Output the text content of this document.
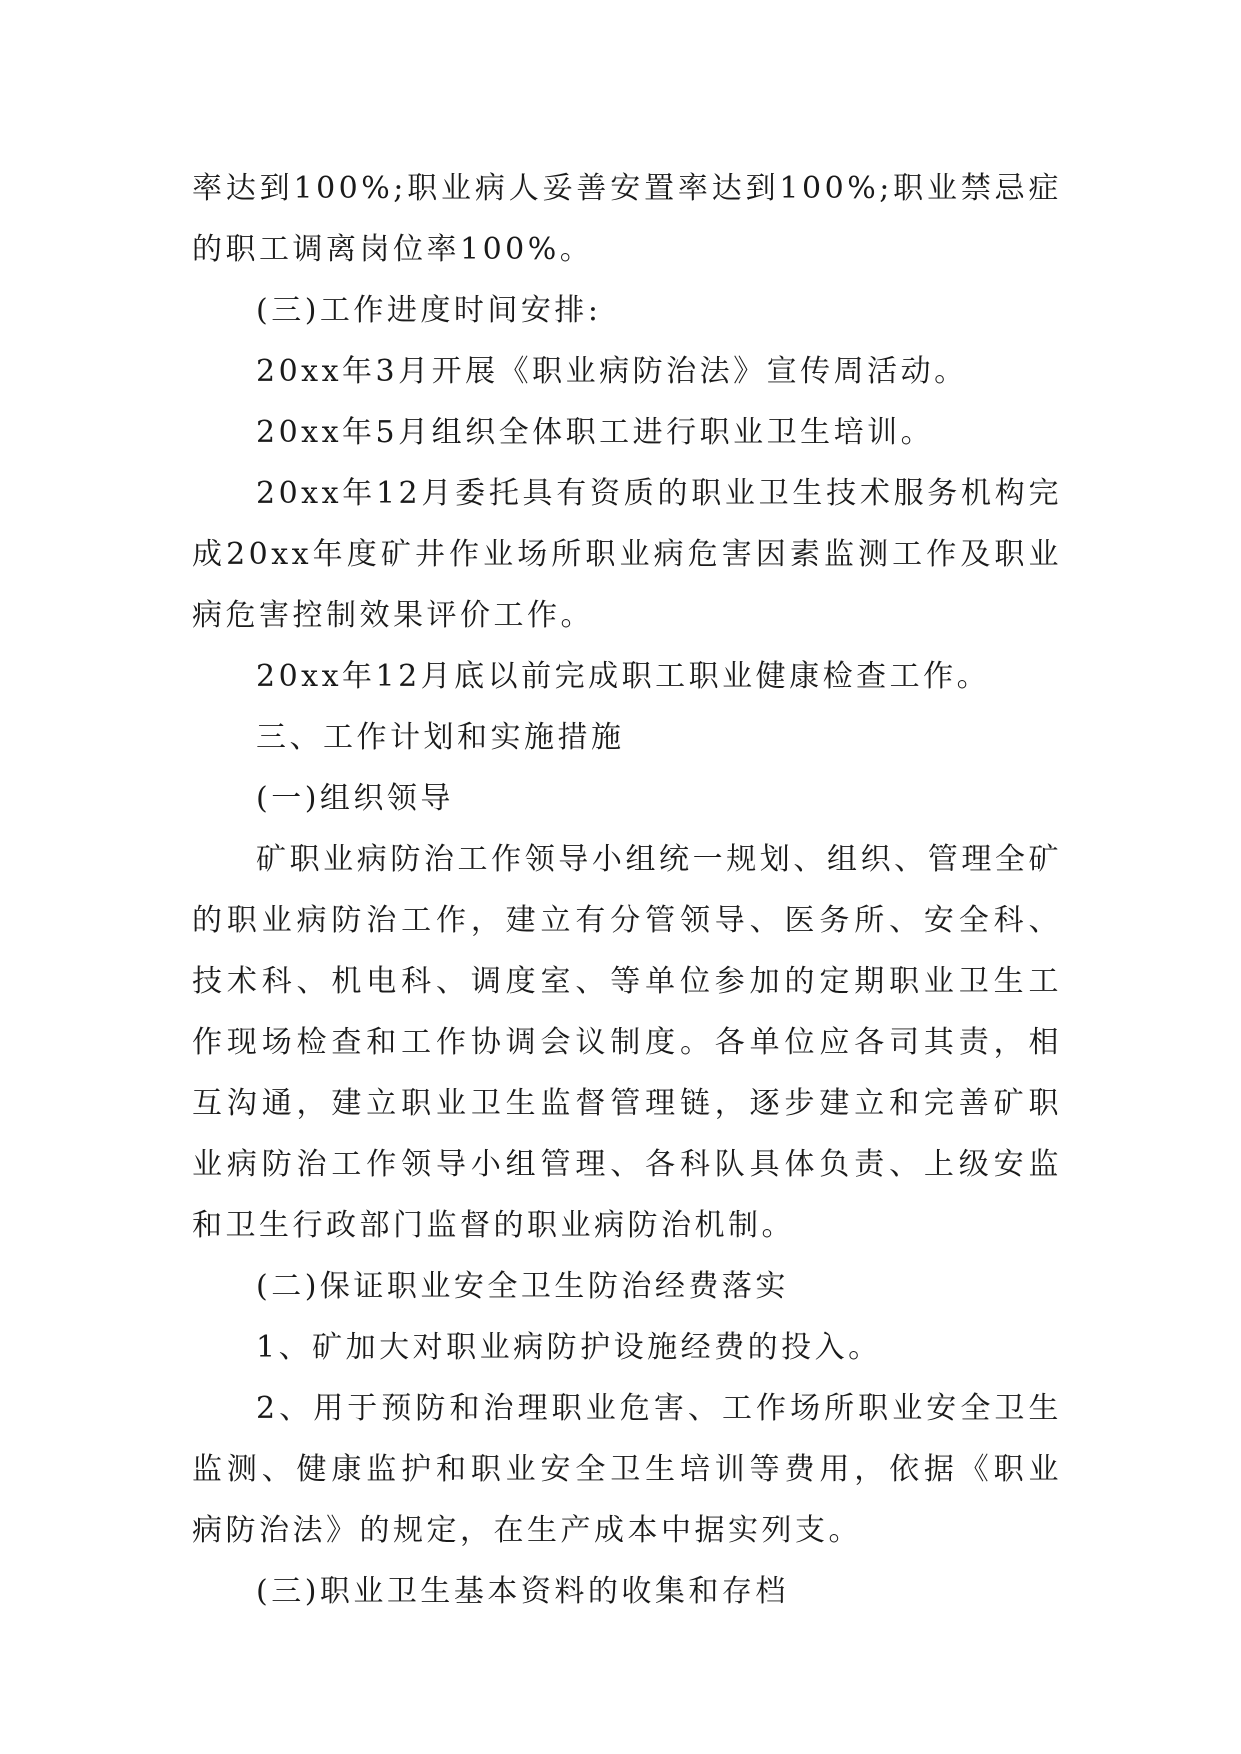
率达到100%;职业病人妥善安置率达到100%;职业禁忌症的职工调离岗位率100%。

(三)工作进度时间安排:

20xx年3月开展《职业病防治法》宣传周活动。

20xx年5月组织全体职工进行职业卫生培训。

20xx年12月委托具有资质的职业卫生技术服务机构完成20xx年度矿井作业场所职业病危害因素监测工作及职业病危害控制效果评价工作。

20xx年12月底以前完成职工职业健康检查工作。

三、工作计划和实施措施

(一)组织领导

矿职业病防治工作领导小组统一规划、组织、管理全矿的职业病防治工作，建立有分管领导、医务所、安全科、技术科、机电科、调度室、等单位参加的定期职业卫生工作现场检查和工作协调会议制度。各单位应各司其责，相互沟通，建立职业卫生监督管理链，逐步建立和完善矿职业病防治工作领导小组管理、各科队具体负责、上级安监和卫生行政部门监督的职业病防治机制。

(二)保证职业安全卫生防治经费落实

1、矿加大对职业病防护设施经费的投入。

2、用于预防和治理职业危害、工作场所职业安全卫生监测、健康监护和职业安全卫生培训等费用，依据《职业病防治法》的规定，在生产成本中据实列支。

(三)职业卫生基本资料的收集和存档
